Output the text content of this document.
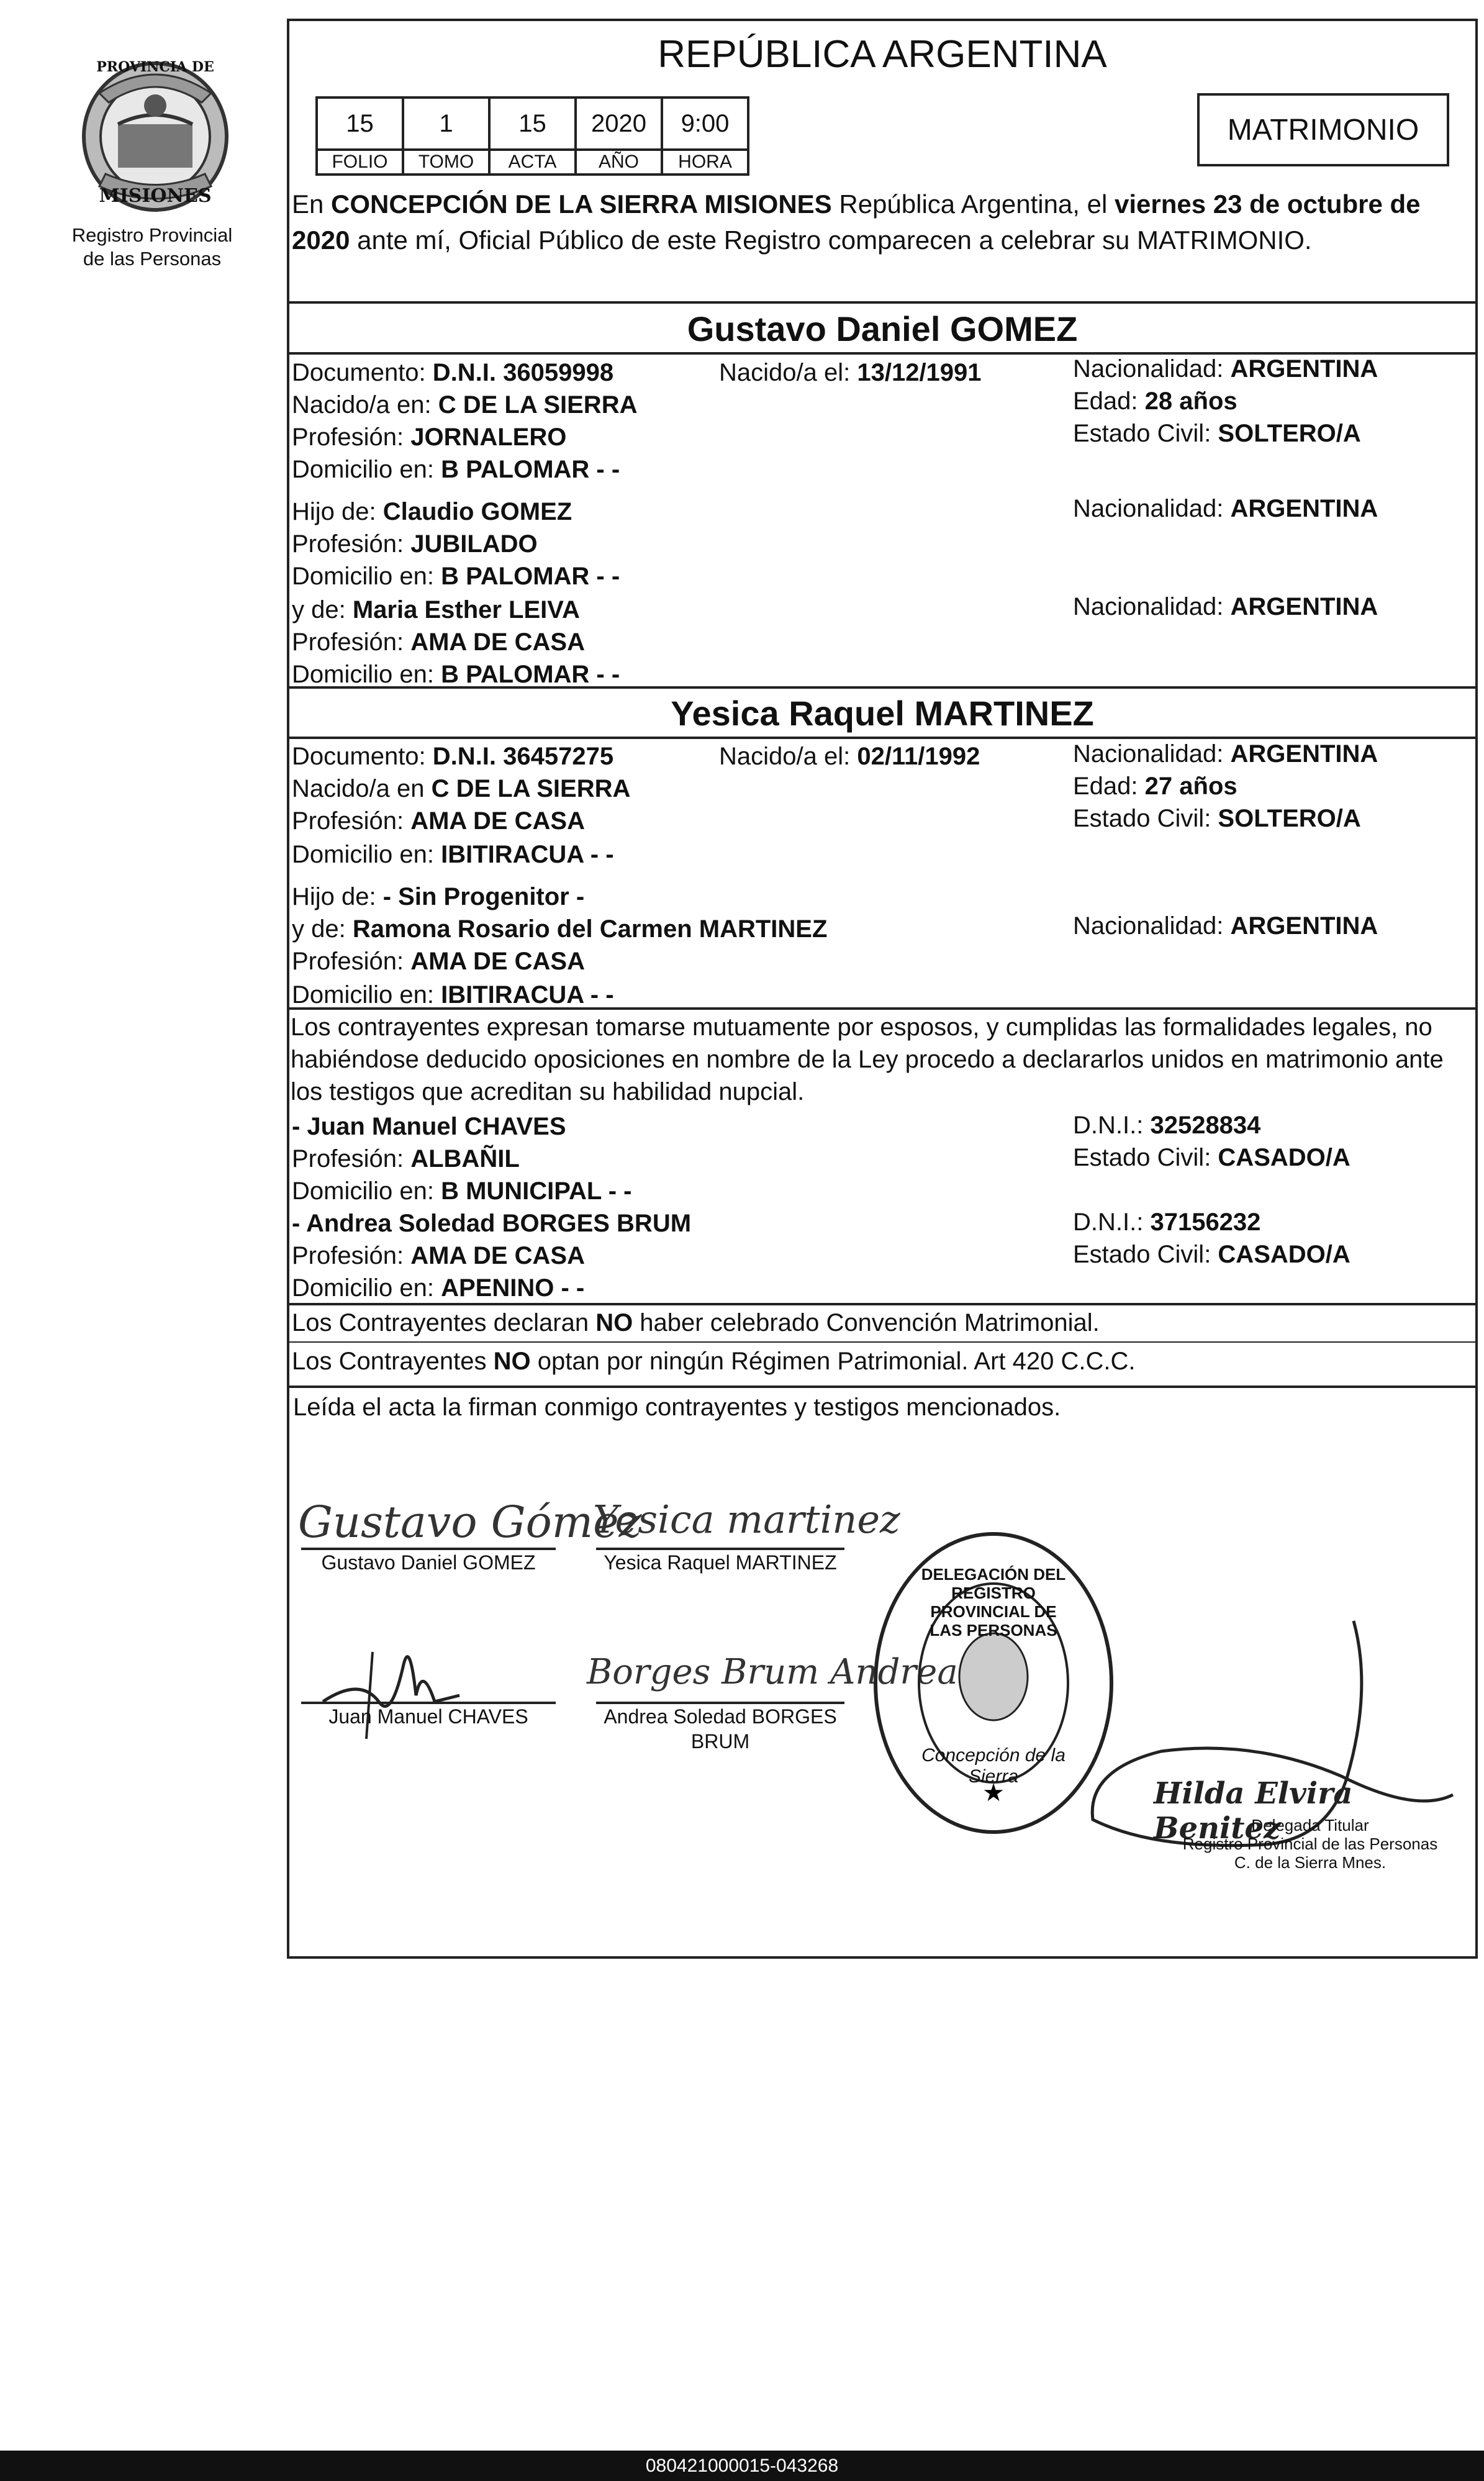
PROVINCIA DE
MISIONES
Registro Provincial
de las Personas
REPÚBLICA ARGENTINA
15	1	15	2020	9:00
FOLIO	TOMO	ACTA	AÑO	HORA
MATRIMONIO
En CONCEPCIÓN DE LA SIERRA MISIONES República Argentina, el viernes 23 de octubre de 2020 ante mí, Oficial Público de este Registro comparecen a celebrar su MATRIMONIO.
Gustavo Daniel GOMEZ
Documento: D.N.I. 36059998	Nacido/a el: 13/12/1991	Nacionalidad: ARGENTINA
Nacido/a en: C DE LA SIERRA	Edad: 28 años
Profesión: JORNALERO	Estado Civil: SOLTERO/A
Domicilio en: B PALOMAR - -
Hijo de: Claudio GOMEZ	Nacionalidad: ARGENTINA
Profesión: JUBILADO
Domicilio en: B PALOMAR - -
y de: Maria Esther LEIVA	Nacionalidad: ARGENTINA
Profesión: AMA DE CASA
Domicilio en: B PALOMAR - -
Yesica Raquel MARTINEZ
Documento: D.N.I. 36457275	Nacido/a el: 02/11/1992	Nacionalidad: ARGENTINA
Nacido/a en C DE LA SIERRA	Edad: 27 años
Profesión: AMA DE CASA	Estado Civil: SOLTERO/A
Domicilio en: IBITIRACUA - -
Hijo de: - Sin Progenitor -
y de: Ramona Rosario del Carmen MARTINEZ	Nacionalidad: ARGENTINA
Profesión: AMA DE CASA
Domicilio en: IBITIRACUA - -
Los contrayentes expresan tomarse mutuamente por esposos, y cumplidas las formalidades legales, no
habiéndose deducido oposiciones en nombre de la Ley procedo a declararlos unidos en matrimonio ante
los testigos que acreditan su habilidad nupcial.
- Juan Manuel CHAVES	D.N.I.: 32528834
Profesión: ALBAÑIL	Estado Civil: CASADO/A
Domicilio en: B MUNICIPAL - -
- Andrea Soledad BORGES BRUM	D.N.I.: 37156232
Profesión: AMA DE CASA	Estado Civil: CASADO/A
Domicilio en: APENINO - -
Los Contrayentes declaran NO haber celebrado Convención Matrimonial.
Los Contrayentes NO optan por ningún Régimen Patrimonial. Art 420 C.C.C.
Leída el acta la firman conmigo contrayentes y testigos mencionados.
Gustavo Gómez
Gustavo Daniel GOMEZ
Yesica martinez
Yesica Raquel MARTINEZ
Juan Manuel CHAVES
Borges Brum Andrea
Andrea Soledad BORGES
BRUM
★
DELEGACIÓN DEL REGISTRO PROVINCIAL DE LAS PERSONAS
Concepción de la Sierra	Hilda Elvira Benitez
Delegada Titular
Registro Provincial de las Personas
C. de la Sierra Mnes.
080421000015-043268
